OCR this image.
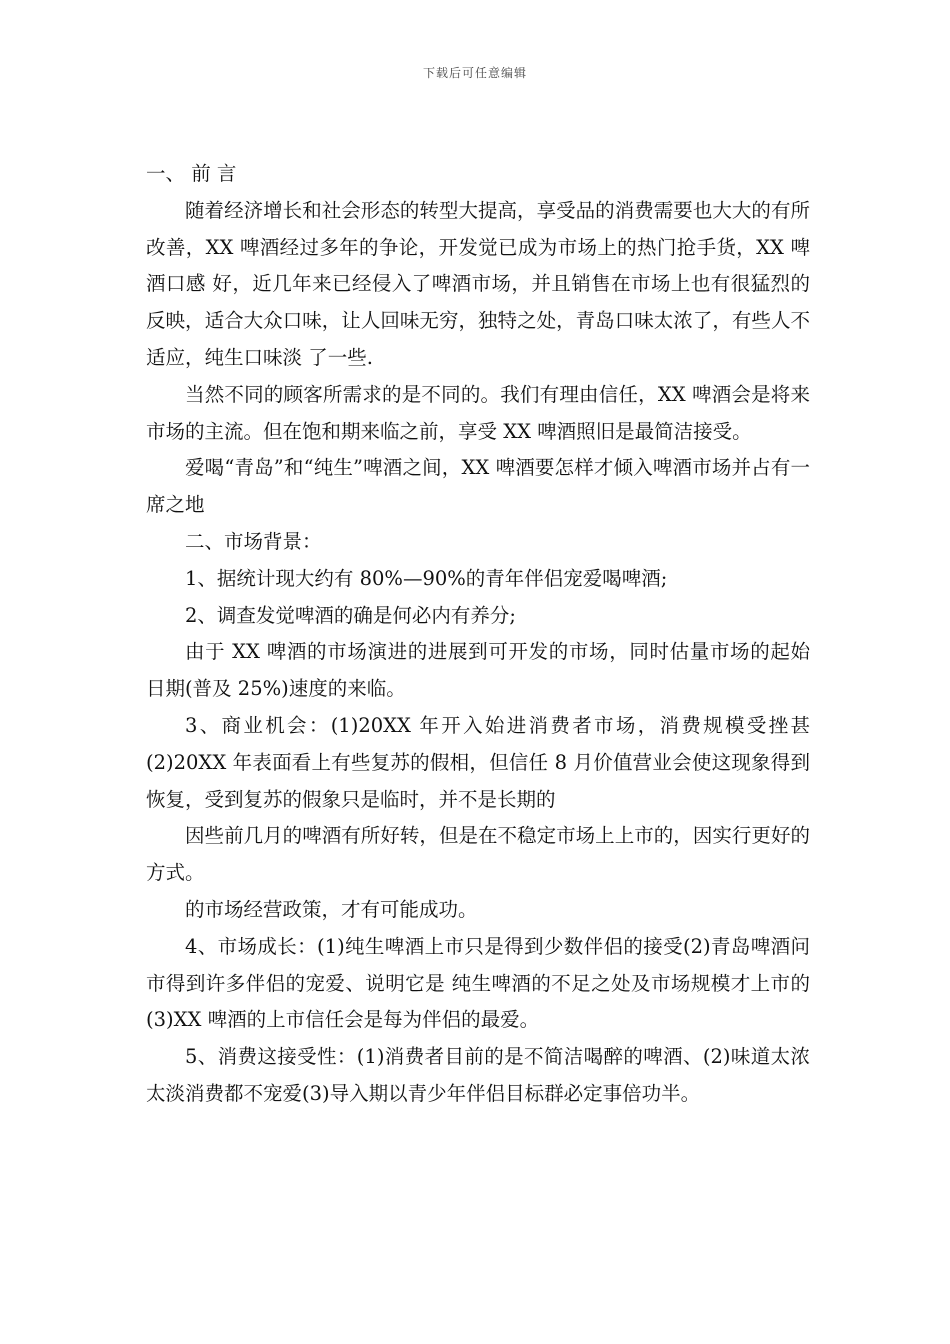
下载后可任意编辑

一、 前 言

随着经济增长和社会形态的转型大提高，享受品的消费需要也大大的有所改善，XX 啤酒经过多年的争论，开发觉已成为市场上的热门抢手货，XX 啤酒口感 好，近几年来已经侵入了啤酒市场，并且销售在市场上也有很猛烈的反映，适合大众口味，让人回味无穷，独特之处，青岛口味太浓了，有些人不适应，纯生口味淡 了一些.

当然不同的顾客所需求的是不同的。我们有理由信任，XX 啤酒会是将来市场的主流。但在饱和期来临之前，享受 XX 啤酒照旧是最简洁接受。

爱喝“青岛”和“纯生”啤酒之间，XX 啤酒要怎样才倾入啤酒市场并占有一席之地

二、市场背景：

1、据统计现大约有 80%—90%的青年伴侣宠爱喝啤酒;

2、调查发觉啤酒的确是何必内有养分;

由于 XX 啤酒的市场演进的进展到可开发的市场，同时估量市场的起始日期(普及 25%)速度的来临。

3、商业机会：(1)20XX 年开入始进消费者市场，消费规模受挫甚(2)20XX 年表面看上有些复苏的假相，但信任 8 月价值营业会使这现象得到恢复，受到复苏的假象只是临时，并不是长期的

因些前几月的啤酒有所好转，但是在不稳定市场上上市的，因实行更好的方式。

的市场经营政策，才有可能成功。

4、市场成长：(1)纯生啤酒上市只是得到少数伴侣的接受(2)青岛啤酒问市得到许多伴侣的宠爱、说明它是 纯生啤酒的不足之处及市场规模才上市的(3)XX 啤酒的上市信任会是每为伴侣的最爱。

5、消费这接受性：(1)消费者目前的是不简洁喝醉的啤酒、(2)味道太浓太淡消费都不宠爱(3)导入期以青少年伴侣目标群必定事倍功半。
